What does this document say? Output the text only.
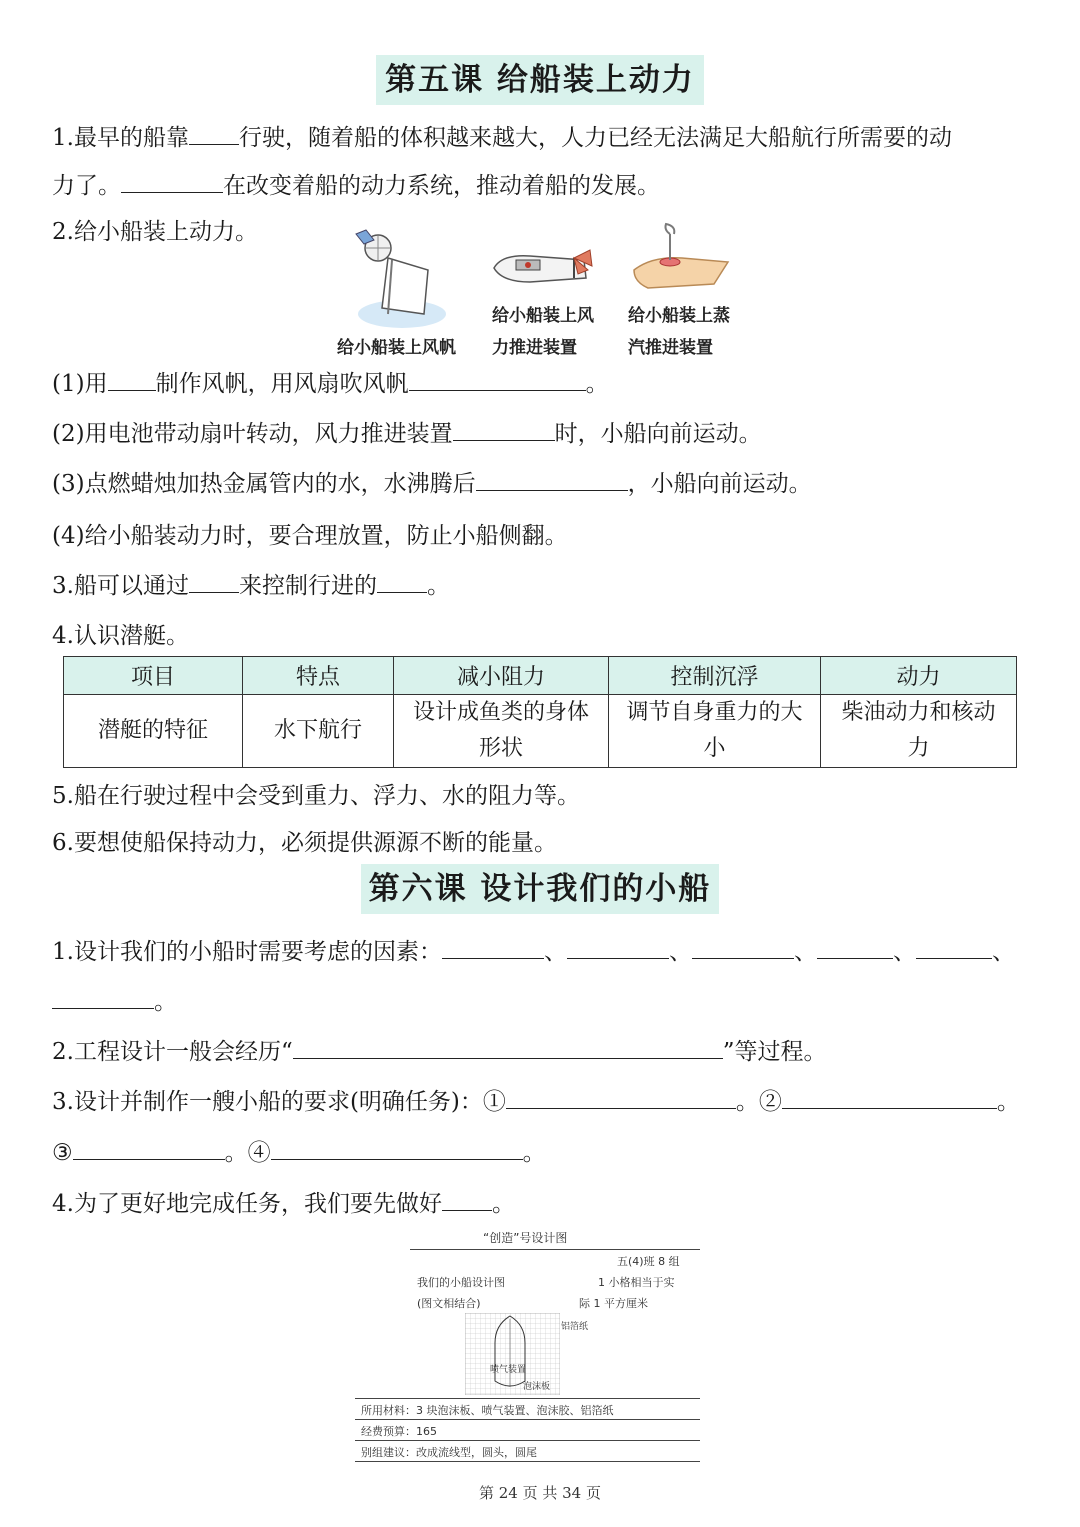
第五课 给船装上动力
1.最早的船靠 行驶，随着船的体积越来越大，人力已经无法满足大船航行所需要的动
力了。	在改变着船的动力系统，推动着船的发展。
2.给小船装上动力。
给小船装上风帆
给小船装上风
力推进装置
给小船装上蒸
汽推进装置
(1)用 制作风帆，用风扇吹风帆	。
(2)用电池带动扇叶转动，风力推进装置	时，小船向前运动。
(3)点燃蜡烛加热金属管内的水，水沸腾后	，小船向前运动。
(4)给小船装动力时，要合理放置，防止小船侧翻。
3.船可以通过 来控制行进的 。
4.认识潜艇。
项目	特点	减小阻力	控制沉浮	动力
潜艇的特征	水下航行	设计成鱼类的身体形状	调节自身重力的大小	柴油动力和核动力
5.船在行驶过程中会受到重力、浮力、水的阻力等。
6.要想使船保持动力，必须提供源源不断的能量。
第六课 设计我们的小船
1.设计我们的小船时需要考虑的因素：	、	、	、	、	、
。
2.工程设计一般会经历“	”等过程。
3.设计并制作一艘小船的要求(明确任务)：①	。②	。
③	。④	。
4.为了更好地完成任务，我们要先做好 。
“创造”号设计图
五(4)班 8 组
我们的小船设计图
(图文相结合)
1 小格相当于实
际 1 平方厘米
铝箔纸
喷气装置
泡沫板
所用材料：3 块泡沫板、喷气装置、泡沫胶、铝箔纸
经费预算：165
别组建议：改成流线型，圆头，圆尾
第 24 页 共 34 页
